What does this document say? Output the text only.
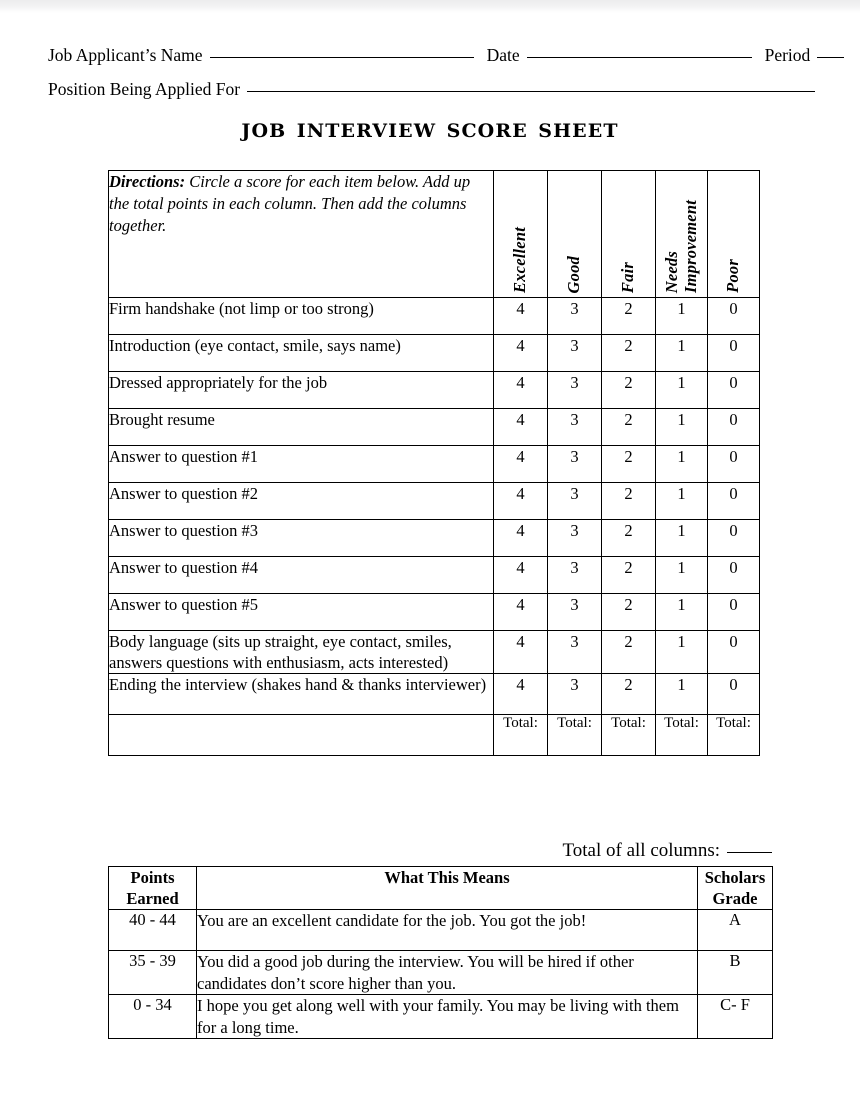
Job Applicant’s Name	Date	Period
Position Being Applied For
job interview score sheet
Directions: Circle a score for each item below. Add up the total points in each column. Then add the columns together.	Excellent	Good	Fair	Needs Improvement	Poor

Firm handshake (not limp or too strong)	4	3	2	1	0
Introduction (eye contact, smile, says name)	4	3	2	1	0
Dressed appropriately for the job	4	3	2	1	0
Brought resume	4	3	2	1	0
Answer to question #1	4	3	2	1	0
Answer to question #2	4	3	2	1	0
Answer to question #3	4	3	2	1	0
Answer to question #4	4	3	2	1	0
Answer to question #5	4	3	2	1	0
Body language (sits up straight, eye contact, smiles,
answers questions with enthusiasm, acts interested)	4	3	2	1	0
Ending the interview (shakes hand & thanks interviewer)	4	3	2	1	0
	Total:	Total:	Total:	Total:	Total:
Total of all columns:
Points
Earned	What This Means	Scholars
Grade
40 - 44	You are an excellent candidate for the job. You got the job!	A
35 - 39	You did a good job during the interview. You will be hired if other
candidates don’t score higher than you.	B
0 - 34	I hope you get along well with your family. You may be living with them
for a long time.	C- F
